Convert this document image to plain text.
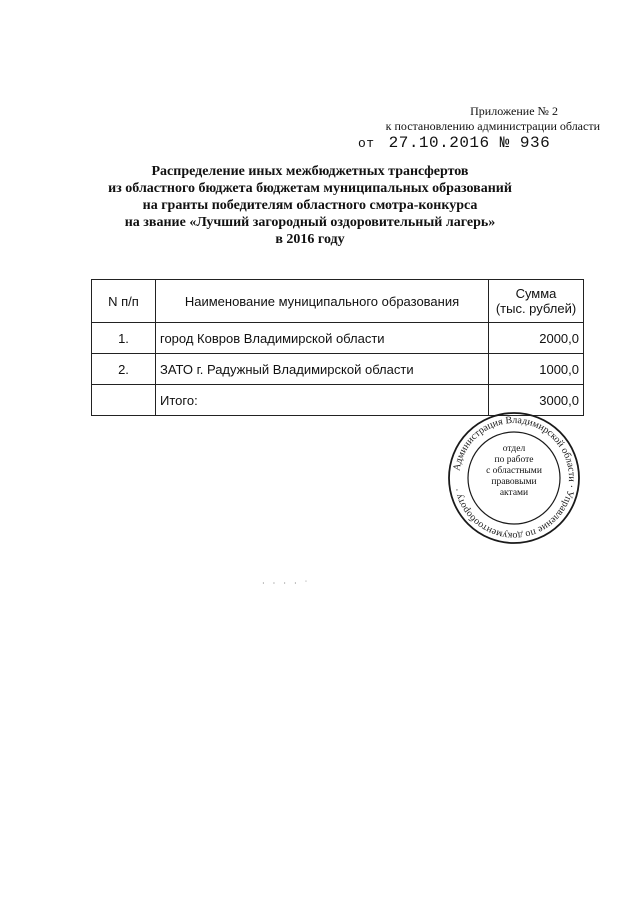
Приложение № 2
к постановлению администрации области
от 27.10.2016 № 936
Распределение иных межбюджетных трансфертов
из областного бюджета бюджетам муниципальных образований
на гранты победителям областного смотра-конкурса
на звание «Лучший загородный оздоровительный лагерь»
в 2016 году
N п/п	Наименование муниципального образования	Сумма
(тыс. рублей)

1.	город Ковров Владимирской области	2000,0
2.	ЗАТО г. Радужный Владимирской области	1000,0
	Итого:	3000,0
Администрация Владимирской области · Управление по документообороту ·
отдел
по работе
с областными
правовыми
актами
· · · · ˙
